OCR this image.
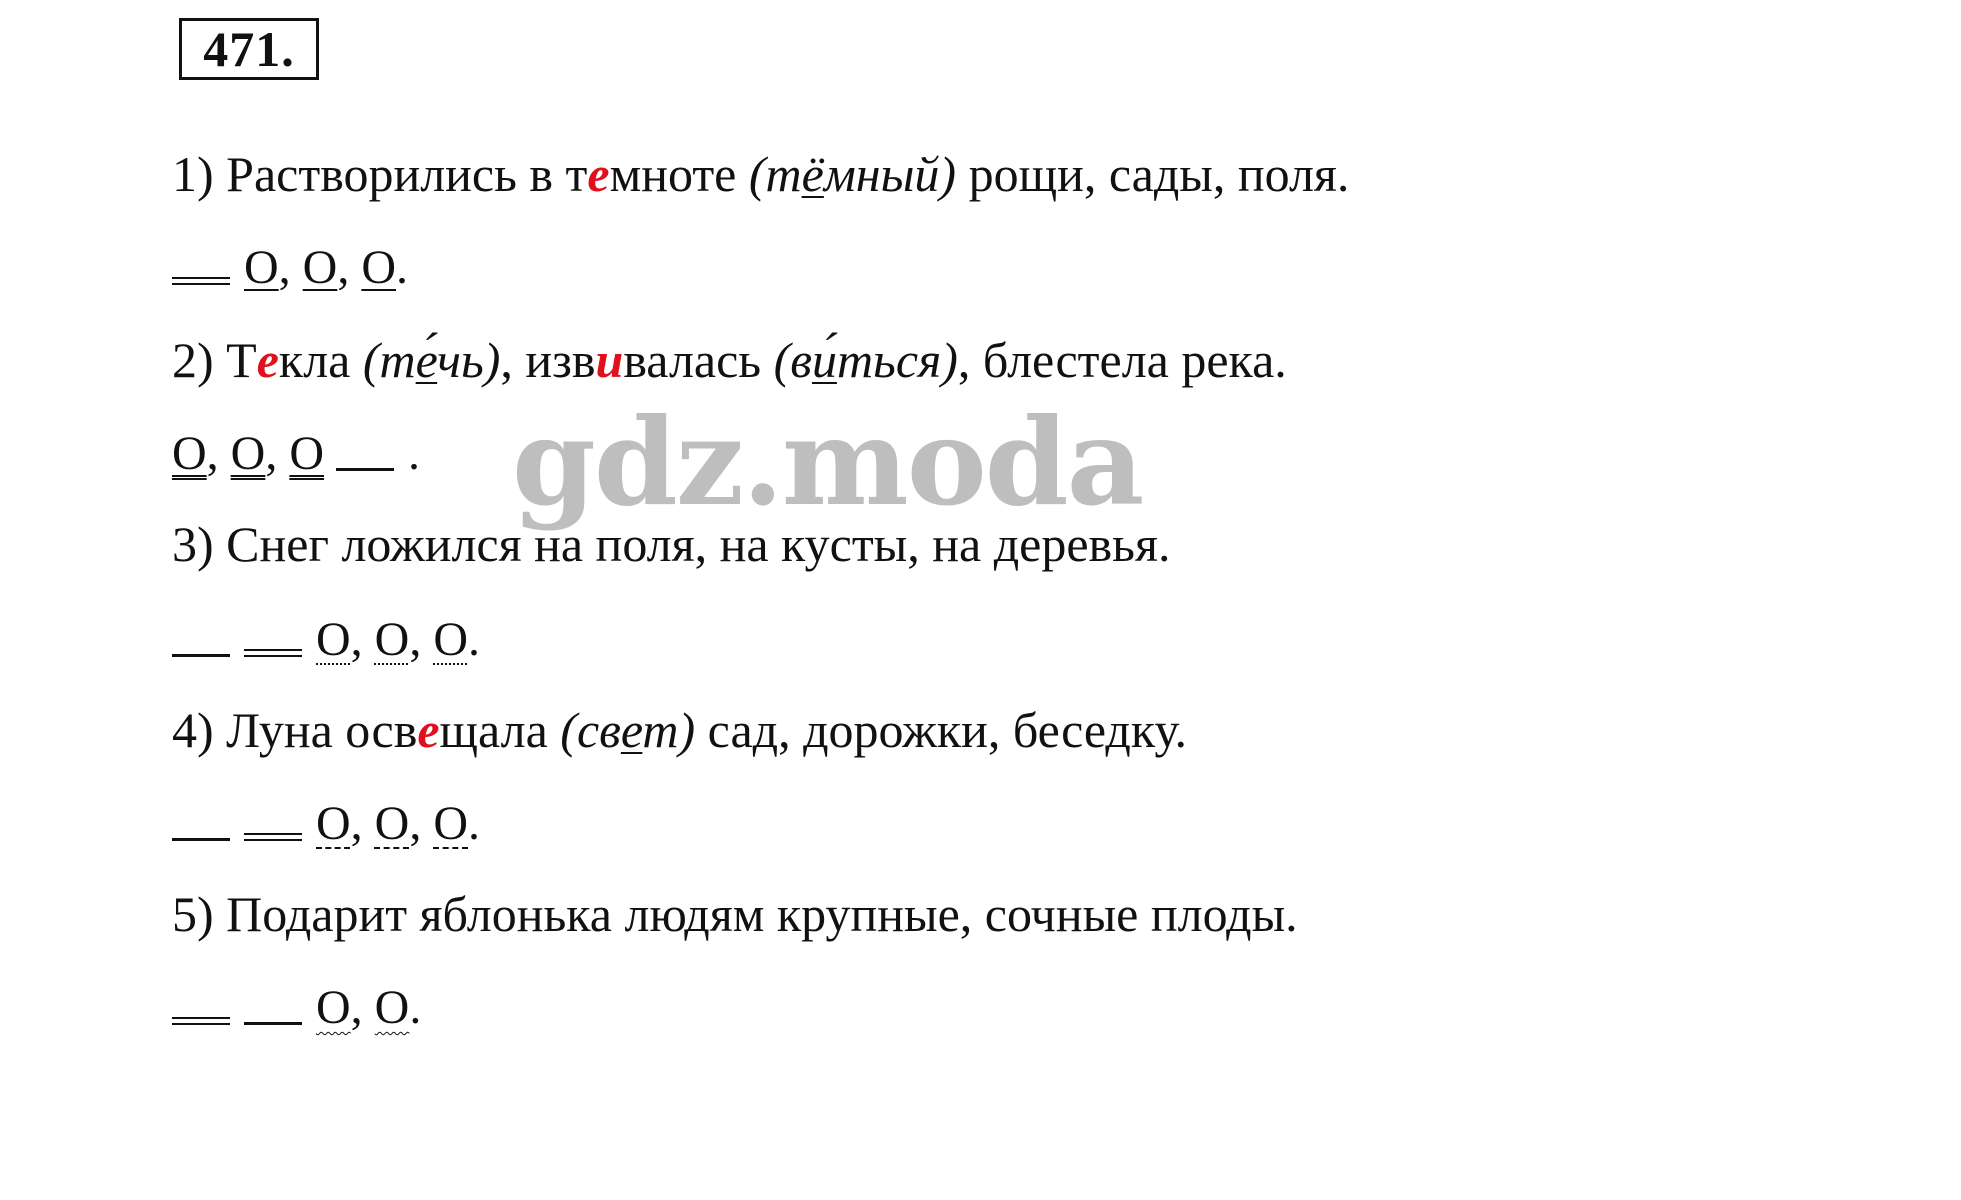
471.
1) Растворились в темноте (тёмный) рощи, сады, поля.
О, О, О.
2) Текла (те́чь), извивалась (ви́ться), блестела река.
О, О, О . gdz.moda
3) Снег ложился на поля, на кусты, на деревья.
О, О, О.
4) Луна освещала (свет) сад, дорожки, беседку.
О, О, О.
5) Подарит яблонька людям крупные, сочные плоды.
О, О.
